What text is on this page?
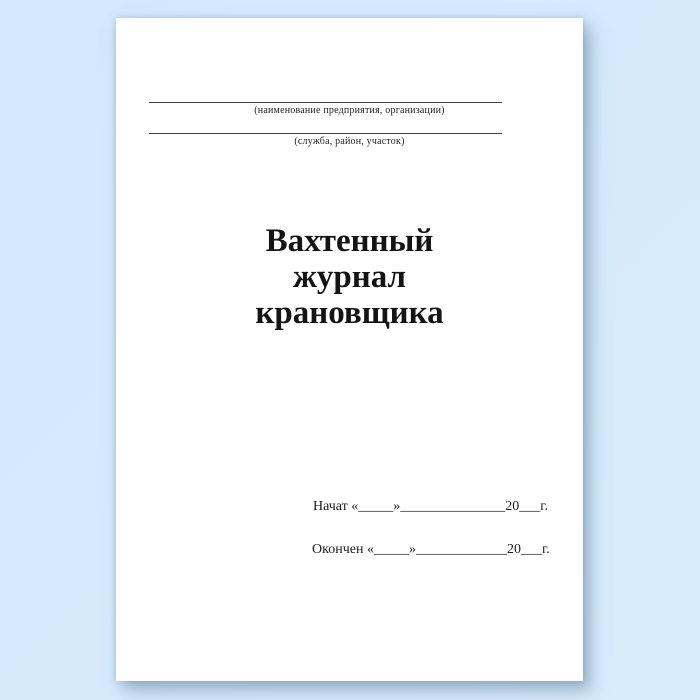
(наименование предприятия, организации)
(служба, район, участок)
Вахтенный
журнал
крановщика
Начат «_____»_______________20___г.
Окончен «_____»_____________20___г.
